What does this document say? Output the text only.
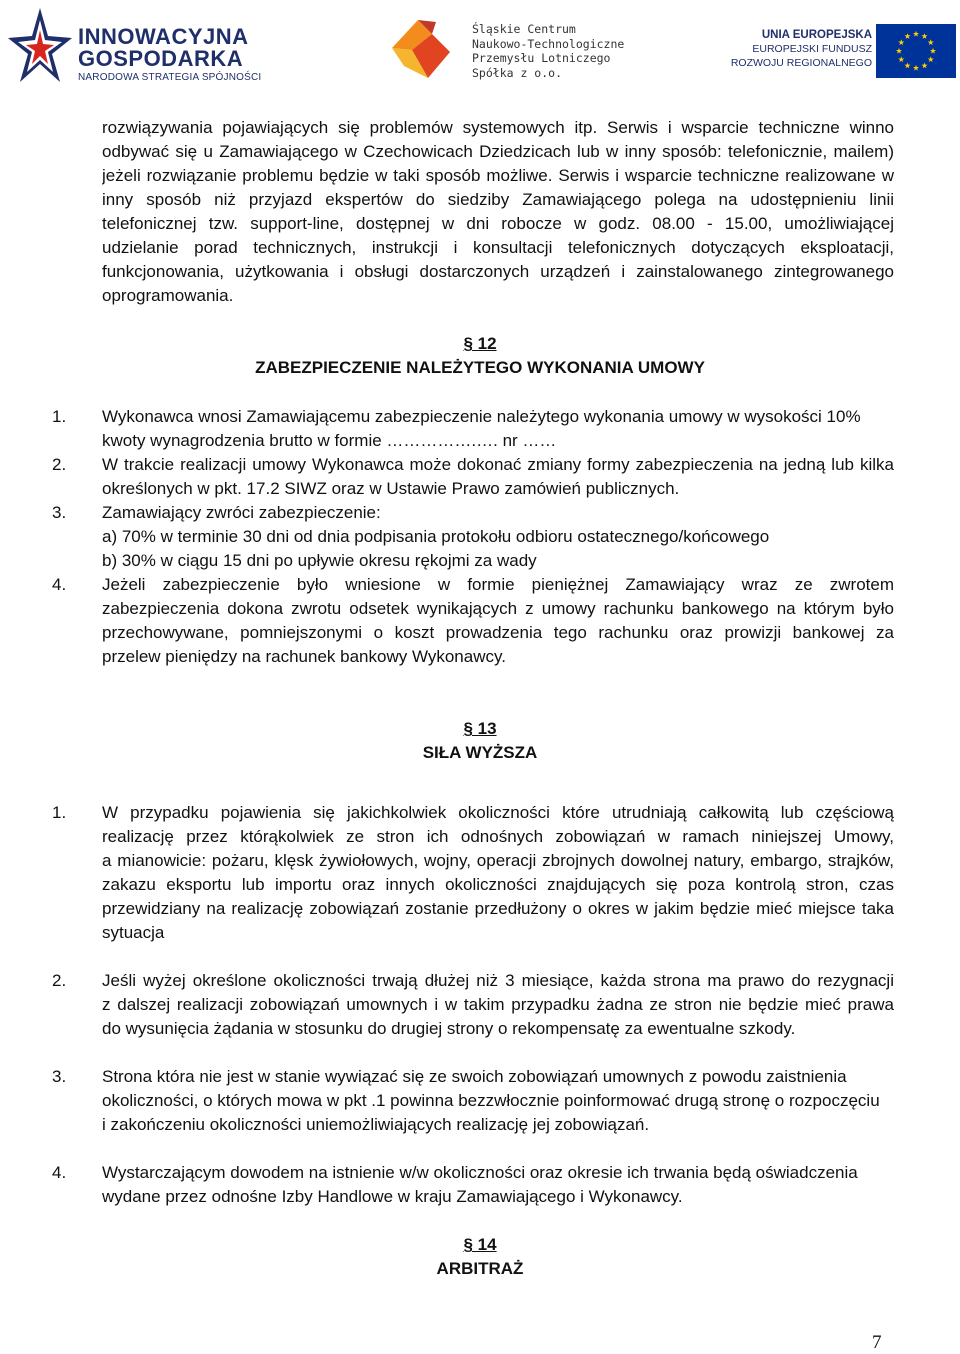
INNOWACYJNA
GOSPODARKA
NARODOWA STRATEGIA SPÓJNOŚCI
Śląskie Centrum
Naukowo-Technologiczne
Przemysłu Lotniczego
Spółka z o.o.
UNIA EUROPEJSKA
EUROPEJSKI FUNDUSZ
ROZWOJU REGIONALNEGO
rozwiązywania pojawiających się problemów systemowych itp. Serwis i wsparcie techniczne winno
odbywać się u Zamawiającego w Czechowicach Dziedzicach lub w inny sposób: telefonicznie, mailem)
jeżeli rozwiązanie problemu będzie w taki sposób możliwe. Serwis i wsparcie techniczne realizowane w
inny sposób niż przyjazd ekspertów do siedziby Zamawiającego polega na udostępnieniu linii
telefonicznej tzw. support-line, dostępnej w dni robocze w godz. 08.00 - 15.00, umożliwiającej
udzielanie porad technicznych, instrukcji i konsultacji telefonicznych dotyczących eksploatacji,
funkcjonowania, użytkowania i obsługi dostarczonych urządzeń i zainstalowanego zintegrowanego
oprogramowania.
§ 12
ZABEZPIECZENIE NALEŻYTEGO WYKONANIA UMOWY
1. Wykonawca wnosi Zamawiającemu zabezpieczenie należytego wykonania umowy w wysokości 10%
kwoty wynagrodzenia brutto w formie …………….…. nr ……
2. W trakcie realizacji umowy Wykonawca może dokonać zmiany formy zabezpieczenia na jedną lub kilka
określonych w pkt. 17.2 SIWZ oraz w Ustawie Prawo zamówień publicznych.
3. Zamawiający zwróci zabezpieczenie:
a) 70% w terminie 30 dni od dnia podpisania protokołu odbioru ostatecznego/końcowego
b) 30% w ciągu 15 dni po upływie okresu rękojmi za wady
4. Jeżeli zabezpieczenie było wniesione w formie pieniężnej Zamawiający wraz ze zwrotem
zabezpieczenia dokona zwrotu odsetek wynikających z umowy rachunku bankowego na którym było
przechowywane, pomniejszonymi o koszt prowadzenia tego rachunku oraz prowizji bankowej za
przelew pieniędzy na rachunek bankowy Wykonawcy.
§ 13
SIŁA WYŻSZA
1. W przypadku pojawienia się jakichkolwiek okoliczności które utrudniają całkowitą lub częściową
realizację przez którąkolwiek ze stron ich odnośnych zobowiązań w ramach niniejszej Umowy,
a mianowicie: pożaru, klęsk żywiołowych, wojny, operacji zbrojnych dowolnej natury, embargo, strajków,
zakazu eksportu lub importu oraz innych okoliczności znajdujących się poza kontrolą stron, czas
przewidziany na realizację zobowiązań zostanie przedłużony o okres w jakim będzie mieć miejsce taka
sytuacja
2. Jeśli wyżej określone okoliczności trwają dłużej niż 3 miesiące, każda strona ma prawo do rezygnacji
z dalszej realizacji zobowiązań umownych i w takim przypadku żadna ze stron nie będzie mieć prawa
do wysunięcia żądania w stosunku do drugiej strony o rekompensatę za ewentualne szkody.
3. Strona która nie jest w stanie wywiązać się ze swoich zobowiązań umownych z powodu zaistnienia
okoliczności, o których mowa w pkt .1 powinna bezzwłocznie poinformować drugą stronę o rozpoczęciu
i zakończeniu okoliczności uniemożliwiających realizację jej zobowiązań.
4. Wystarczającym dowodem na istnienie w/w okoliczności oraz okresie ich trwania będą oświadczenia
wydane przez odnośne Izby Handlowe w kraju Zamawiającego i Wykonawcy.
§ 14
ARBITRAŻ
7
